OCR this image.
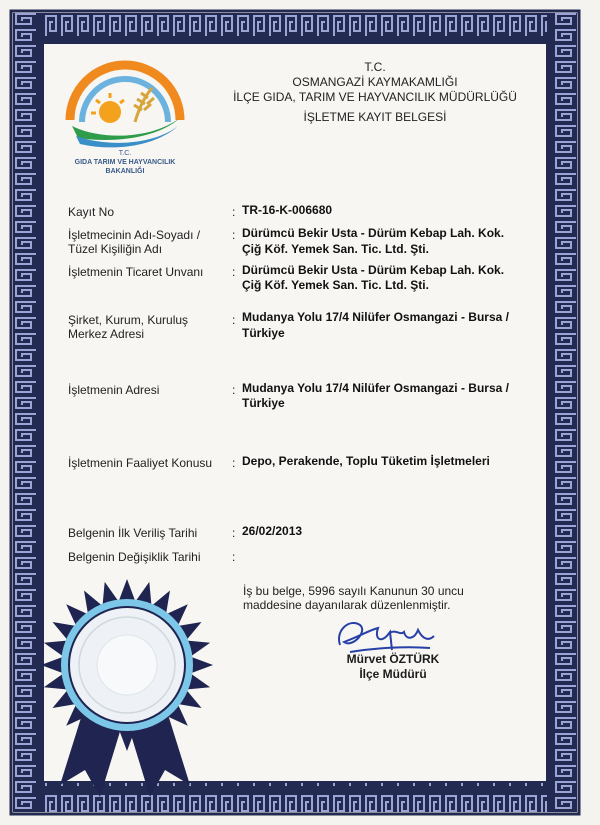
T.C.
GIDA TARIM VE HAYVANCILIK
BAKANLIĞI
T.C.
OSMANGAZİ KAYMAKAMLIĞI
İLÇE GIDA, TARIM VE HAYVANCILIK MÜDÜRLÜĞÜ
İŞLETME KAYIT BELGESİ
Kayıt No	: TR-16-K-006680
İşletmecinin Adı-Soyadı /
Tüzel Kişiliğin Adı
: Dürümcü Bekir Usta - Dürüm Kebap Lah. Kok.
Çiğ Köf. Yemek San. Tic. Ltd. Şti.
İşletmenin Ticaret Unvanı : Dürümcü Bekir Usta - Dürüm Kebap Lah. Kok.
Çiğ Köf. Yemek San. Tic. Ltd. Şti.
Şirket, Kurum, Kuruluş
Merkez Adresi
: Mudanya Yolu 17/4 Nilüfer Osmangazi - Bursa /
Türkiye
İşletmenin Adresi	: Mudanya Yolu 17/4 Nilüfer Osmangazi - Bursa /
Türkiye
İşletmenin Faaliyet Konusu : Depo, Perakende, Toplu Tüketim İşletmeleri
Belgenin İlk Veriliş Tarihi	: 26/02/2013
Belgenin Değişiklik Tarihi	:
İş bu belge, 5996 sayılı Kanunun 30 uncu
maddesine dayanılarak düzenlenmiştir.
Mürvet ÖZTÜRK
İlçe Müdürü
